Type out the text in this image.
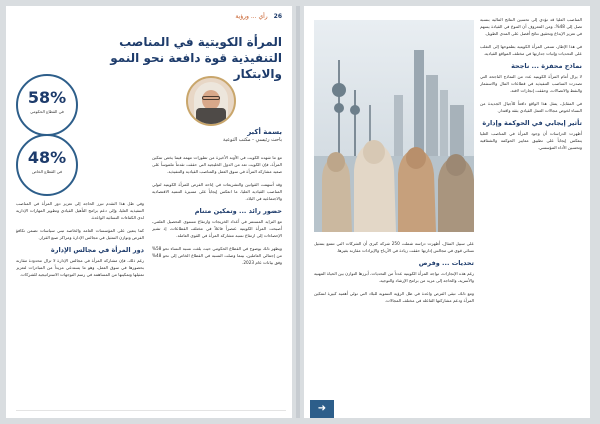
26 رأي ... ورؤية
المرأة الكويتية في المناصب التنفيذية قوة دافعة نحو النمو والابتكار
58%
في القطاع الحكومي
48%
في القطاع الخاص
بسمة أكبر
باحث رئيسي - مكتب التوعية

مع ما شهده الكويت في الآونة الأخيرة من تطورات مهمة فيما يخص تمكين المرأة، فإن الكويت تعد من الدول الخليجية التي حققت تقدماً ملموساً على صعيد مشاركة المرأة في سوق العمل والمناصب القيادية والتنفيذية.

وقد أسهمت القوانين والتشريعات في إتاحة الفرص للمرأة الكويتية لتولي المناصب القيادية العليا، ما انعكس إيجاباً على مسيرة التنمية الاقتصادية والاجتماعية في البلاد.

حضور رائد ... وتمكين متنام

مع التزايد المستمر في أعداد الخريجات وارتفاع مستوى التحصيل العلمي، أصبحت المرأة الكويتية عنصراً فاعلاً في مختلف القطاعات، إذ تشير الإحصاءات إلى ارتفاع نسبة مشاركة المرأة في القوى العاملة.

ويظهر ذلك بوضوح في القطاع الحكومي حيث بلغت نسبة النساء نحو 58% من إجمالي العاملين، بينما وصلت النسبة في القطاع الخاص إلى نحو 48% وفق بيانات عام 2023.

وفي ظل هذا التقدم تبرز الحاجة إلى تعزيز دور المرأة في المناصب التنفيذية العليا، وإلى دعم برامج التأهيل القيادي وتطوير المهارات الإدارية لدى الكفاءات النسائية الواعدة.

كما يتعين على المؤسسات العامة والخاصة تبني سياسات تضمن تكافؤ الفرص وتوازن التمثيل في مجالس الإدارة ومراكز صنع القرار.

دور المرأة في مجالس الإدارة

رغم ذلك، فإن مشاركة المرأة في مجالس الإدارة لا تزال محدودة مقارنة بحضورها في سوق العمل، وهو ما يستدعي مزيداً من المبادرات لتعزيز تمثيلها وتمكينها من المساهمة في رسم التوجهات الاستراتيجية للشركات.

المناصب العليا قد تؤدي إلى تحسين النتائج المالية بنسبة تصل إلى 48%، ومن المعروف أن التنوع في القيادة يسهم في تعزيز الإبداع وتحقيق نتائج أفضل على المدى الطويل.

في هذا الإطار، تسعى المرأة الكويتية بطموحها إلى التغلب على التحديات وإثبات جدارتها في مختلف المواقع القيادية.

نماذج محفزة ... ناجحة

لا يزال أمام المرأة الكويتية عدد من النماذج الناجحة التي تصدرت المناصب التنفيذية في قطاعات المال والاستثمار والنفط والاتصالات، وحققت إنجازات لافتة.

في المقابل، يمثل هذا الواقع دافعاً للأجيال الجديدة من النساء لخوض مجالات العمل القيادي بثقة واقتدار.

تأثير إيجابي في الحوكمة وإدارة

أظهرت الدراسات أن وجود المرأة في المناصب العليا ينعكس إيجاباً على تطبيق معايير الحوكمة والشفافية وتحسين الأداء المؤسسي.

على سبيل المثال، أظهرت دراسة شملت 250 شركة كبرى أن الشركات التي تتمتع بتمثيل نسائي قوي في مجالس إدارتها حققت زيادة في الأرباح والإيرادات مقارنة بغيرها.

تحديات ... وفرص

رغم هذه الإنجازات، تواجه المرأة الكويتية عدداً من التحديات، أبرزها التوازن بين الحياة المهنية والأسرية، والحاجة إلى مزيد من برامج الإرشاد والتوجيه.

ومع ذلك، تبقى الفرص واعدة في ظل الرؤية التنموية للبلاد التي تولي أهمية كبيرة لتمكين المرأة ودعم مشاركتها الفاعلة في مختلف المجالات.

➜
